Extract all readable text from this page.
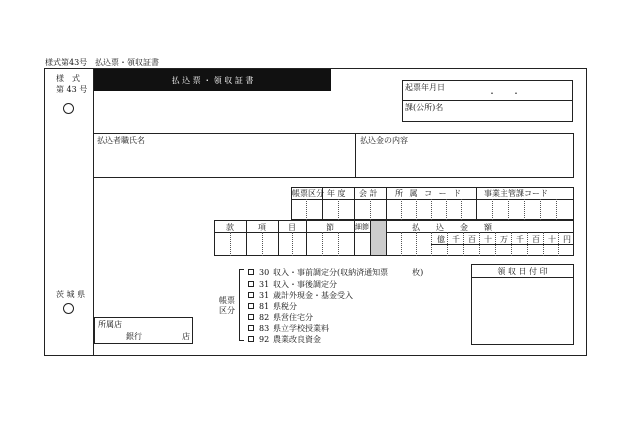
様式第43号 払込票・領収証書
様　式
第 43 号
茨 城 県
払 込 票 ・ 領 収 証 書
起票年月日
・ ・
課(公所)名
払込者職氏名	払込金の内容
帳票区分 年 度 会 計 所 属 コ ー ド	事業主管課コード
款	項	目	節	細節	払　　込　　金　　額
億 千 百 十 万 千 百 十 円
帳票
区分
30 収入・事前調定分(収納済通知票　　　枚)
31 収入・事後調定分
31 歳計外現金・基金受入
81 県税分
82 県営住宅分
83 県立学校授業料
92 農業改良資金
領 収 日 付 印
所属店
銀行	店
